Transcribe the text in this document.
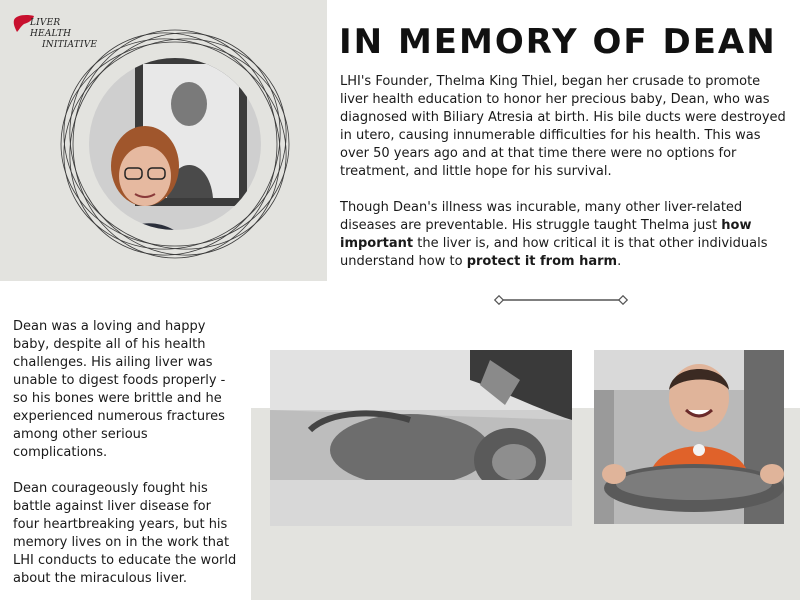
LIVER HEALTH
INITIATIVE	IN MEMORY OF DEAN

LHI's Founder, Thelma King Thiel, began her crusade to promote liver health education to honor her precious baby, Dean, who was diagnosed with Biliary Atresia at birth. His bile ducts were destroyed in utero, causing innumerable difficulties for his health. This was over 50 years ago and at that time there were no options for treatment, and little hope for his survival.

Though Dean's illness was incurable, many other liver-related diseases are preventable. His struggle taught Thelma just how important the liver is, and how critical it is that other individuals understand how to protect it from harm.

Dean was a loving and happy baby, despite all of his health challenges. His ailing liver was unable to digest foods properly - so his bones were brittle and he experienced numerous fractures among other serious complications.

Dean courageously fought his battle against liver disease for four heartbreaking years, but his memory lives on in the work that LHI conducts to educate the world about the miraculous liver.
